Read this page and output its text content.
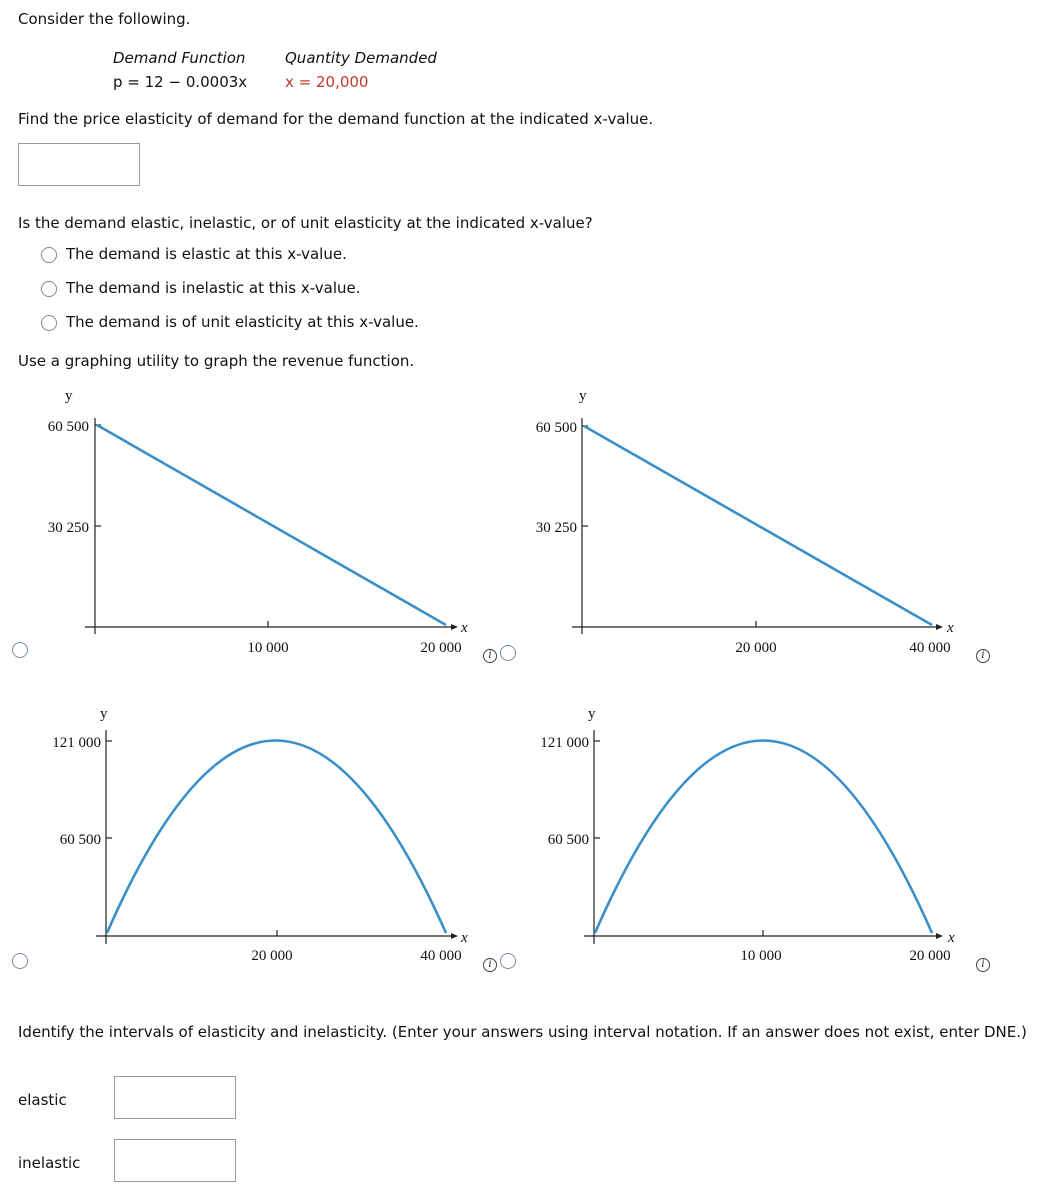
Consider the following.
Demand Function	Quantity Demanded
p = 12 − 0.0003x	x = 20,000
Find the price elasticity of demand for the demand function at the indicated x-value.
Is the demand elastic, inelastic, or of unit elasticity at the indicated x-value?
The demand is elastic at this x-value.
The demand is inelastic at this x-value.
The demand is of unit elasticity at this x-value.
Use a graphing utility to graph the revenue function.
y
x
60 500
30 250
10 000	20 000
y
x
60 500
30 250
20 000	40 000
y
x
121 000
60 500
20 000	40 000
y
x
121 000
60 500
10 000	20 000
i	i
i	i
Identify the intervals of elasticity and inelasticity. (Enter your answers using interval notation. If an answer does not exist, enter DNE.)
elastic
inelastic
